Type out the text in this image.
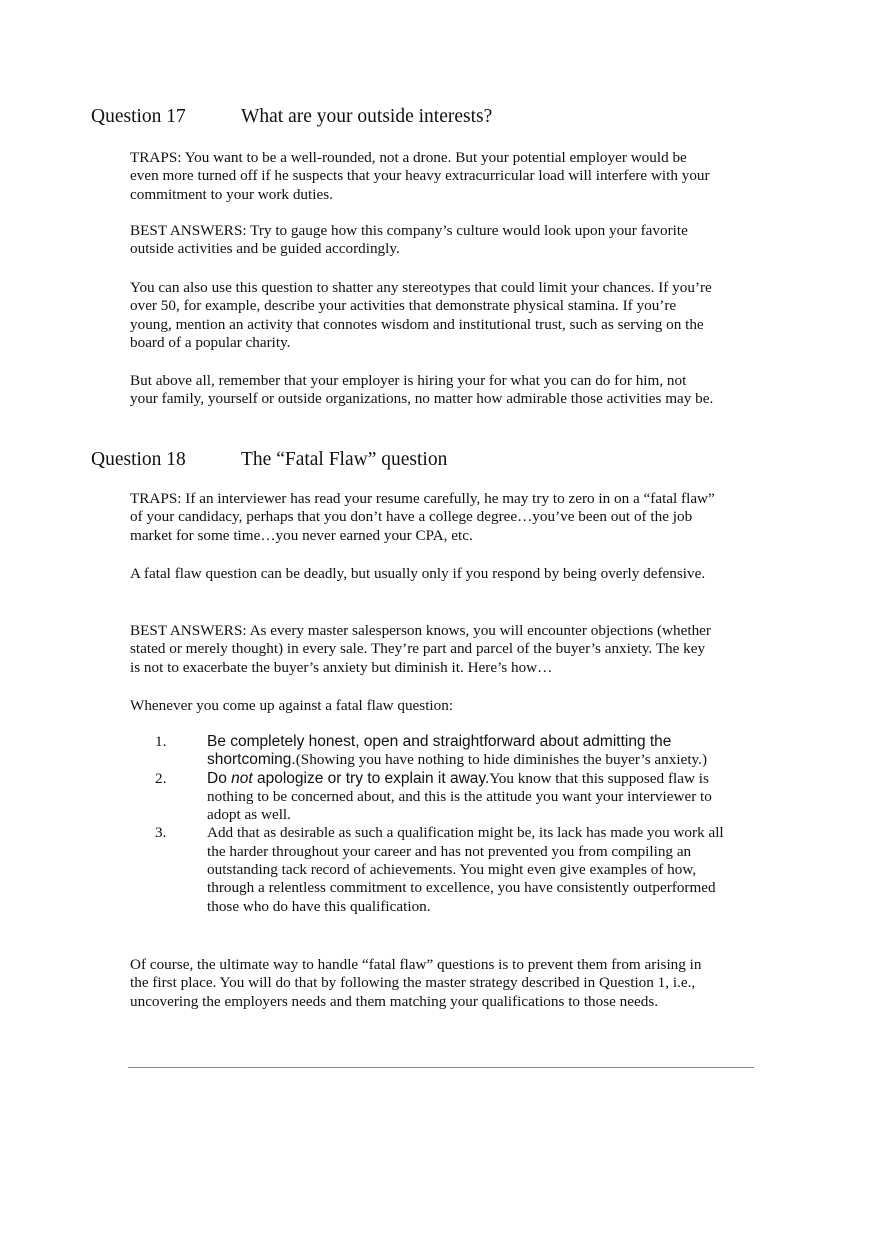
Question 17	What are your outside interests?

TRAPS: You want to be a well-rounded, not a drone. But your potential employer would be even more turned off if he suspects that your heavy extracurricular load will interfere with your commitment to your work duties.

BEST ANSWERS: Try to gauge how this company’s culture would look upon your favorite outside activities and be guided accordingly.

You can also use this question to shatter any stereotypes that could limit your chances. If you’re over 50, for example, describe your activities that demonstrate physical stamina. If you’re young, mention an activity that connotes wisdom and institutional trust, such as serving on the board of a popular charity.

But above all, remember that your employer is hiring your for what you can do for him, not your family, yourself or outside organizations, no matter how admirable those activities may be.

Question 18	The “Fatal Flaw” question

TRAPS: If an interviewer has read your resume carefully, he may try to zero in on a “fatal flaw” of your candidacy, perhaps that you don’t have a college degree…you’ve been out of the job market for some time…you never earned your CPA, etc.

A fatal flaw question can be deadly, but usually only if you respond by being overly defensive.

BEST ANSWERS: As every master salesperson knows, you will encounter objections (whether stated or merely thought) in every sale. They’re part and parcel of the buyer’s anxiety. The key is not to exacerbate the buyer’s anxiety but diminish it. Here’s how…

Whenever you come up against a fatal flaw question:

1.	Be completely honest, open and straightforward about admitting the shortcoming.(Showing you have nothing to hide diminishes the buyer’s anxiety.)
2.	Do not apologize or try to explain it away.You know that this supposed flaw is nothing to be concerned about, and this is the attitude you want your interviewer to adopt as well.
3.	Add that as desirable as such a qualification might be, its lack has made you work all the harder throughout your career and has not prevented you from compiling an outstanding tack record of achievements. You might even give examples of how, through a relentless commitment to excellence, you have consistently outperformed those who do have this qualification.

Of course, the ultimate way to handle “fatal flaw” questions is to prevent them from arising in the first place. You will do that by following the master strategy described in Question 1, i.e., uncovering the employers needs and them matching your qualifications to those needs.
